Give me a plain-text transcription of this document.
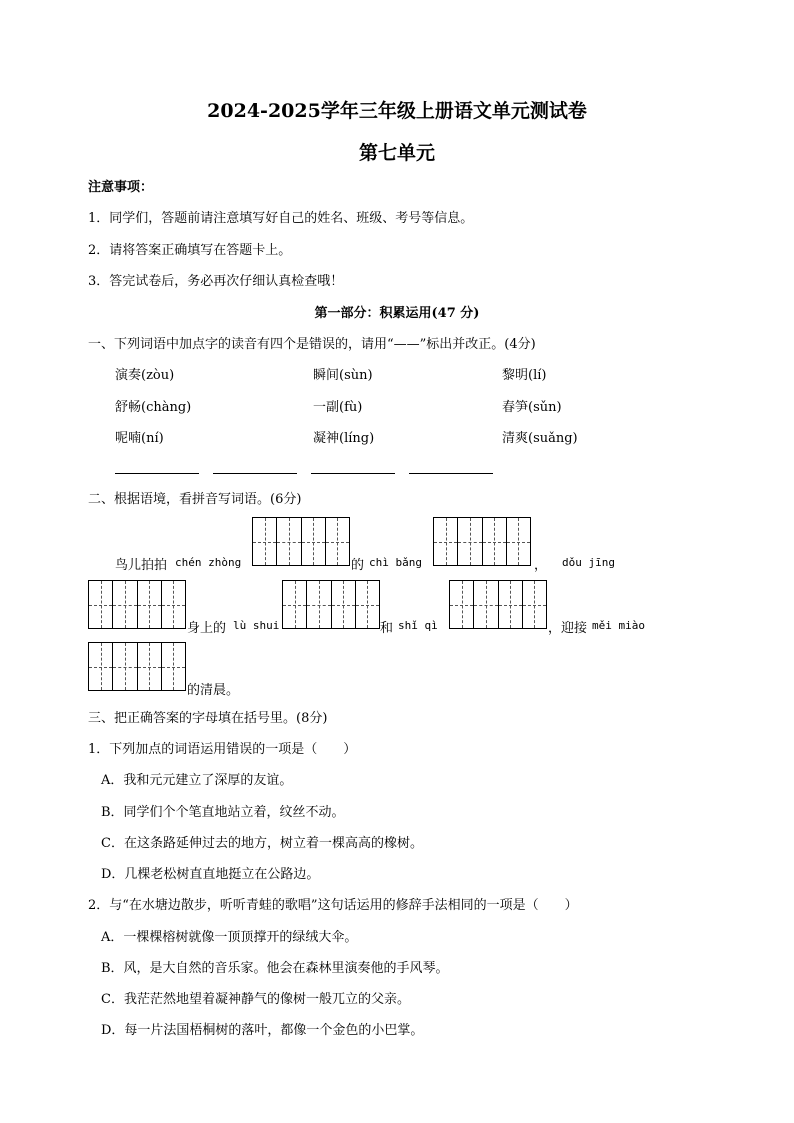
2024-2025学年三年级上册语文单元测试卷
第七单元
注意事项：
1．同学们，答题前请注意填写好自己的姓名、班级、考号等信息。
2．请将答案正确填写在答题卡上。
3．答完试卷后，务必再次仔细认真检查哦！
第一部分：积累运用(47 分)
一、下列词语中加点字的读音有四个是错误的，请用“——”标出并改正。(4分)
演奏(zòu)	瞬间(sùn)	黎明(lí)
舒畅(chàng)	一副(fù)	春笋(sǔn)
呢喃(ní)	凝神(líng)	清爽(suǎng)
二、根据语境，看拼音写词语。(6分)
鸟儿拍拍 chén zhòng	的 chì bǎng	， dǒu jīng
身上的 lù shui	和 shǐ qì	，迎接 měi miào
的清晨。
三、把正确答案的字母填在括号里。(8分)
1．下列加点的词语运用错误的一项是（　　）
A．我和元元建立了深厚的友谊。
B．同学们个个笔直地站立着，纹丝不动。
C．在这条路延伸过去的地方，树立着一棵高高的橡树。
D．几棵老松树直直地挺立在公路边。
2．与“在水塘边散步，听听青蛙的歌唱”这句话运用的修辞手法相同的一项是（　　）
A．一棵棵榕树就像一顶顶撑开的绿绒大伞。
B．风，是大自然的音乐家。他会在森林里演奏他的手风琴。
C．我茫茫然地望着凝神静气的像树一般兀立的父亲。
D．每一片法国梧桐树的落叶，都像一个金色的小巴掌。
